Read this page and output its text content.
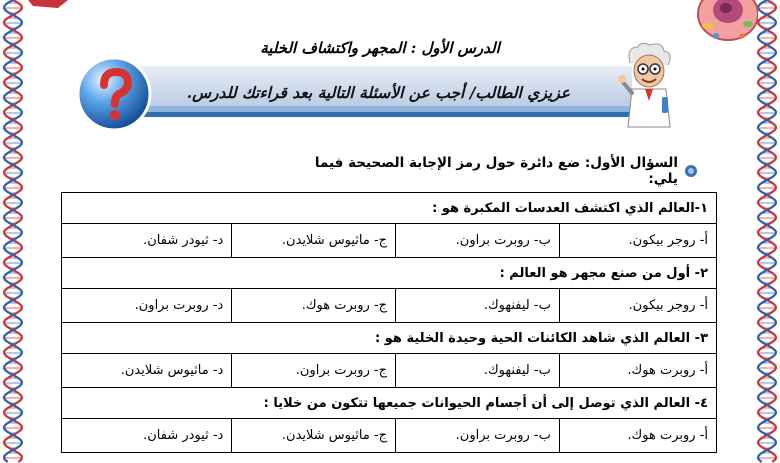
الدرس الأول : المجهر واكتشاف الخلية
عزيزي الطالب/ أجب عن الأسئلة التالية بعد قراءتك للدرس.
السؤال الأول: ضع دائرة حول رمز الإجابة الصحيحة فيما يلي:
١-العالم الذي اكتشف العدسات المكبرة هو :			
أ- روجر بيكون.	ب- روبرت براون.	ج- ماثيوس شلايدن.	د- ثيودر شفان.
٢- أول من صنع مجهر هو العالم :			
أ- روجر بيكون.	ب- ليفنهوك.	ج- روبرت هوك.	د- روبرت براون.
٣- العالم الذي شاهد الكائنات الحية وحيدة الخلية هو :			
أ- روبرت هوك.	ب- ليفنهوك.	ج- روبرت براون.	د- ماثيوس شلايدن.
٤- العالم الذي توصل إلى أن أجسام الحيوانات جميعها تتكون من خلايا :			
أ- روبرت هوك.	ب- روبرت براون.	ج- ماثيوس شلايدن.	د- ثيودر شفان.
